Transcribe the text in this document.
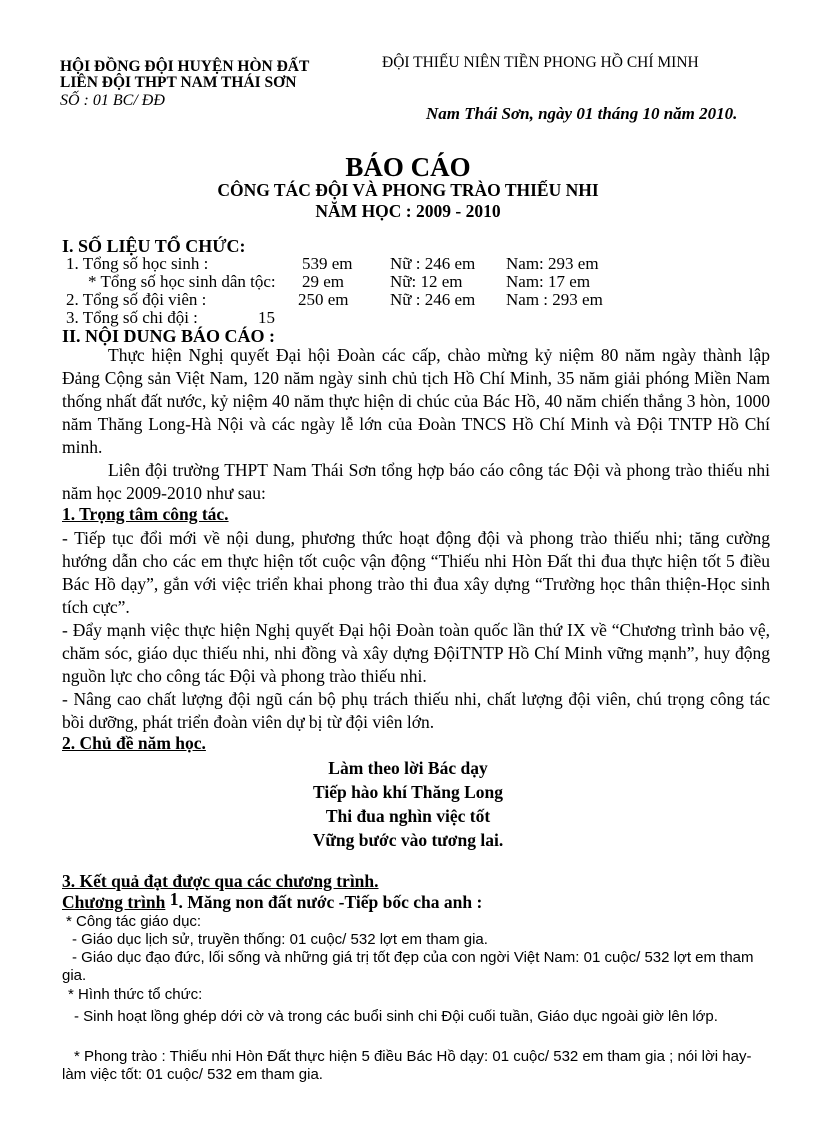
HỘI ĐỒNG ĐỘI HUYỆN HÒN ĐẤT
LIÊN ĐỘI THPT NAM THÁI SƠN
SỐ : 01 BC/ ĐĐ
ĐỘI THIẾU NIÊN TIỀN PHONG HỒ CHÍ MINH
Nam Thái Sơn, ngày 01 tháng 10 năm 2010.
BÁO CÁO
CÔNG TÁC ĐỘI VÀ PHONG TRÀO THIẾU NHI
NĂM HỌC : 2009 - 2010
I. SỐ LIỆU TỔ CHỨC:
1. Tổng số học sinh :	539 em Nữ : 246 em Nam: 293 em
* Tổng số học sinh dân tộc: 29 em	Nữ: 12 em	Nam: 17 em
2. Tổng số đội viên :	250 em Nữ : 246 em Nam : 293 em
3. Tổng số chi đội :	15
II. NỘI DUNG BÁO CÁO :
Thực hiện Nghị quyết Đại hội Đoàn các cấp, chào mừng kỷ niệm 80 năm ngày thành lập Đảng Cộng sản Việt Nam, 120 năm ngày sinh chủ tịch Hồ Chí Minh, 35 năm giải phóng Miền Nam thống nhất đất nước, kỷ niệm 40 năm thực hiện di chúc của Bác Hồ, 40 năm chiến thắng 3 hòn, 1000 năm Thăng Long-Hà Nội và các ngày lễ lớn của Đoàn TNCS Hồ Chí Minh và Đội TNTP Hồ Chí minh.
Liên đội trường THPT Nam Thái Sơn tổng hợp báo cáo công tác Đội và phong trào thiếu nhi năm học 2009-2010 như sau:
1. Trọng tâm công tác.
- Tiếp tục đổi mới về nội dung, phương thức hoạt động đội và phong trào thiếu nhi; tăng cường hướng dẫn cho các em thực hiện tốt cuộc vận động “Thiếu nhi Hòn Đất thi đua thực hiện tốt 5 điều Bác Hồ dạy”, gắn với việc triển khai phong trào thi đua xây dựng “Trường học thân thiện-Học sinh tích cực”.
- Đẩy mạnh việc thực hiện Nghị quyết Đại hội Đoàn toàn quốc lần thứ IX về “Chương trình bảo vệ, chăm sóc, giáo dục thiếu nhi, nhi đồng và xây dựng ĐộiTNTP Hồ Chí Minh vững mạnh”, huy động nguồn lực cho công tác Đội và phong trào thiếu nhi.
- Nâng cao chất lượng đội ngũ cán bộ phụ trách thiếu nhi, chất lượng đội viên, chú trọng công tác bồi dưỡng, phát triển đoàn viên dự bị từ đội viên lớn.
2. Chủ đề năm học.
Làm theo lời Bác dạy
Tiếp hào khí Thăng Long
Thi đua nghìn việc tốt
Vững bước vào tương lai.
3. Kết quả đạt được qua các chương trình.
Chương trình 1. Măng non đất nước -Tiếp bốc cha anh :
* Công tác giáo dục:
- Giáo dục lịch sử, truyền thống: 01 cuộc/ 532 lợt em tham gia.
- Giáo dục đạo đức, lối sống và những giá trị tốt đẹp của con ngời Việt Nam: 01 cuộc/ 532 lợt em tham gia.
* Hình thức tổ chức:
- Sinh hoạt lồng ghép dới cờ và trong các buổi sinh chi Đội cuối tuần, Giáo dục ngoài giờ lên lớp.
* Phong trào : Thiếu nhi Hòn Đất thực hiện 5 điều Bác Hồ dạy: 01 cuộc/ 532 em tham gia ; nói lời hay-làm việc tốt: 01 cuộc/ 532 em tham gia.
